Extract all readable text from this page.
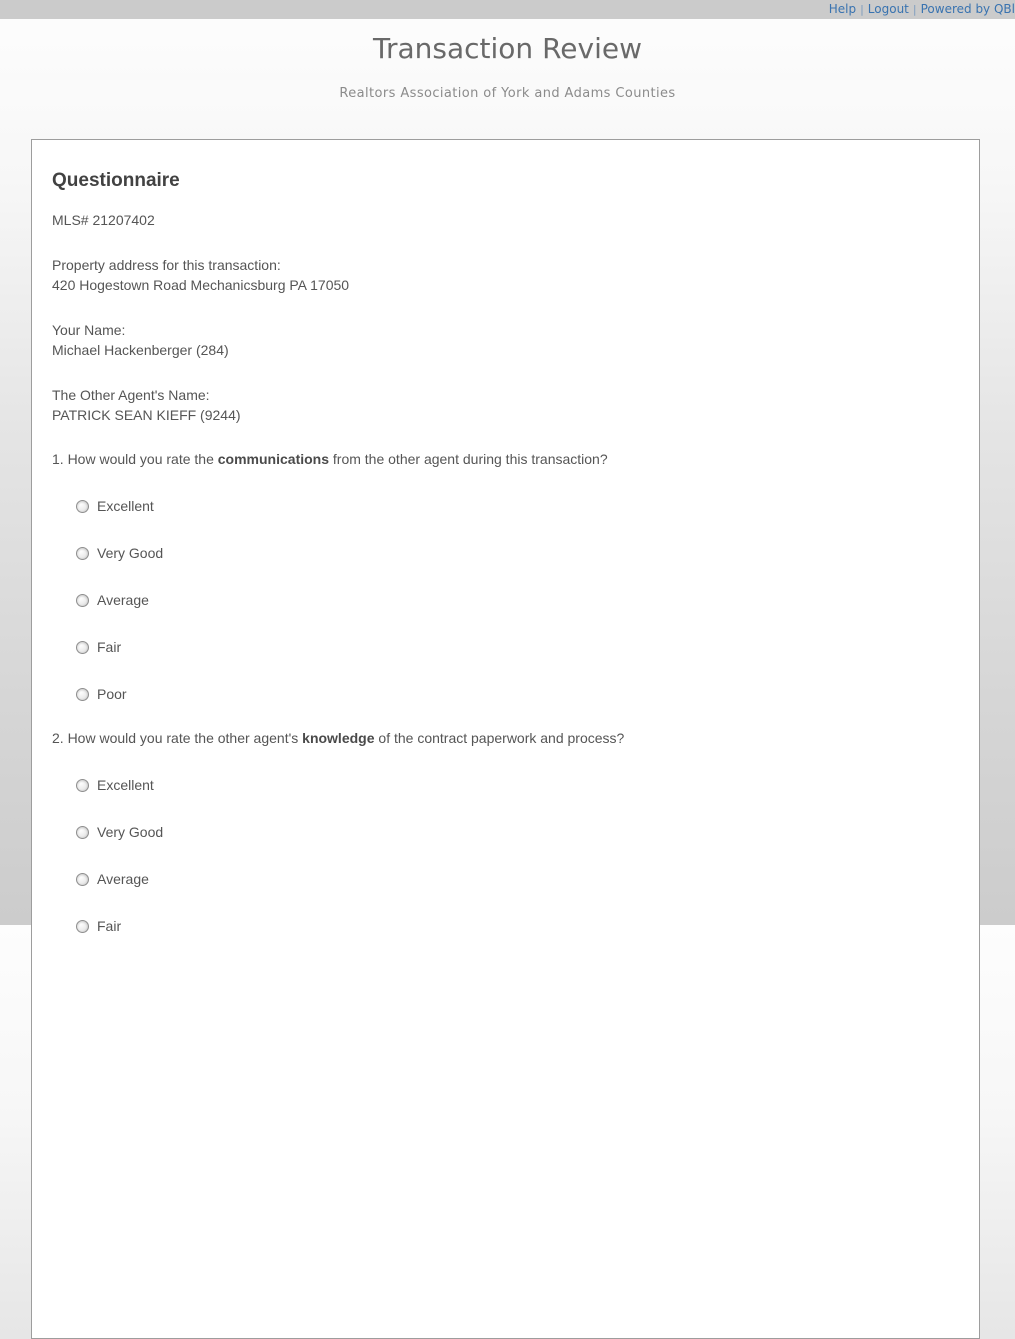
Help | Logout | Powered by QBl
Transaction Review
Realtors Association of York and Adams Counties
Questionnaire

MLS# 21207402

Property address for this transaction:

420 Hogestown Road Mechanicsburg PA 17050

Your Name:

Michael Hackenberger (284)

The Other Agent's Name:

PATRICK SEAN KIEFF (9244)

1. How would you rate the communications from the other agent during this transaction?

Excellent
Very Good
Average
Fair
Poor

2. How would you rate the other agent's knowledge of the contract paperwork and process?

Excellent
Very Good
Average
Fair
